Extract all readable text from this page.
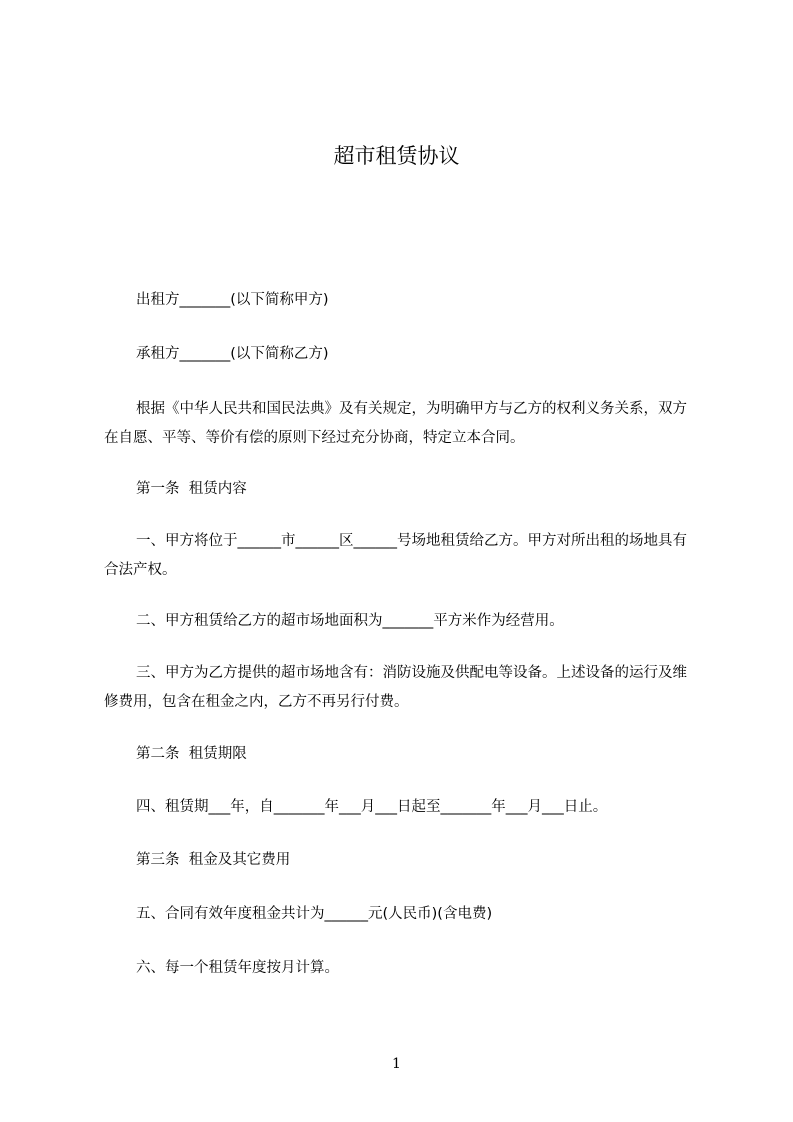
超市租赁协议

出租方_______(以下简称甲方)

承租方_______(以下简称乙方)

根据《中华人民共和国民法典》及有关规定，为明确甲方与乙方的权利义务关系，双方在自愿、平等、等价有偿的原则下经过充分协商，特定立本合同。

第一条  租赁内容

一、甲方将位于______市______区______号场地租赁给乙方。甲方对所出租的场地具有合法产权。

二、甲方租赁给乙方的超市场地面积为_______平方米作为经营用。

三、甲方为乙方提供的超市场地含有：消防设施及供配电等设备。上述设备的运行及维修费用，包含在租金之内，乙方不再另行付费。

第二条  租赁期限

四、租赁期___年，自_______年___月___日起至_______年___月___日止。

第三条  租金及其它费用

五、合同有效年度租金共计为______元(人民币)(含电费)

六、每一个租赁年度按月计算。

1
